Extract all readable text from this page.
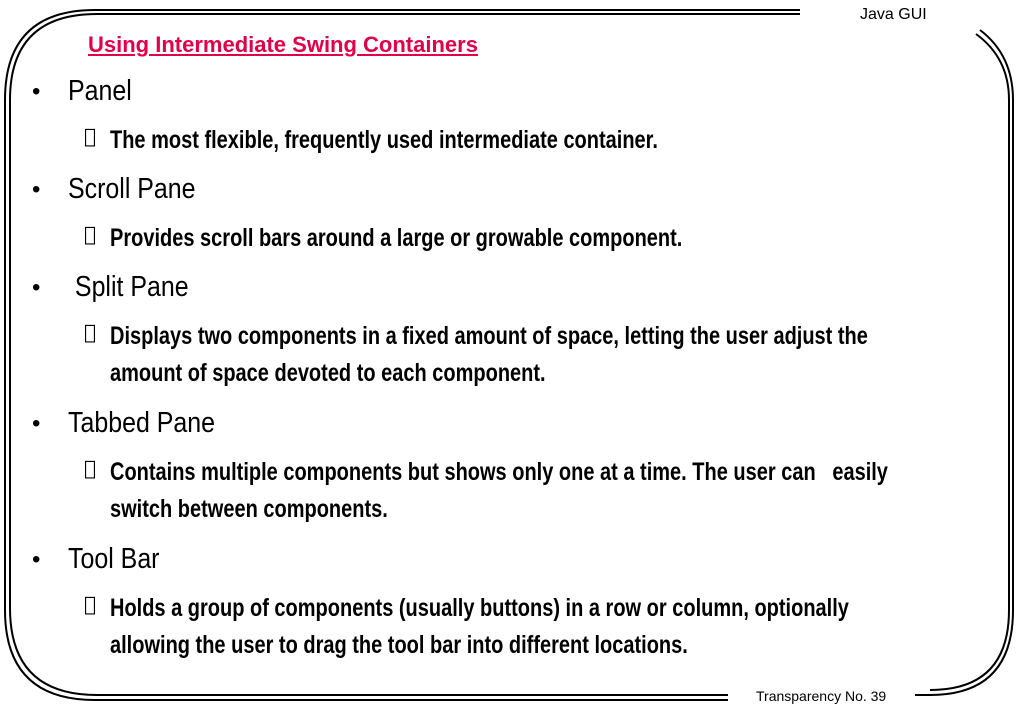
Java GUI
Using Intermediate Swing Containers
• Panel
The most flexible, frequently used intermediate container.
• Scroll Pane
Provides scroll bars around a large or growable component.
• Split Pane
Displays two components in a fixed amount of space, letting the user adjust the amount of space devoted to each component.
• Tabbed Pane
Contains multiple components but shows only one at a time. The user can   easily switch between components.
• Tool Bar
Holds a group of components (usually buttons) in a row or column, optionally allowing the user to drag the tool bar into different locations.
Transparency No. 39
